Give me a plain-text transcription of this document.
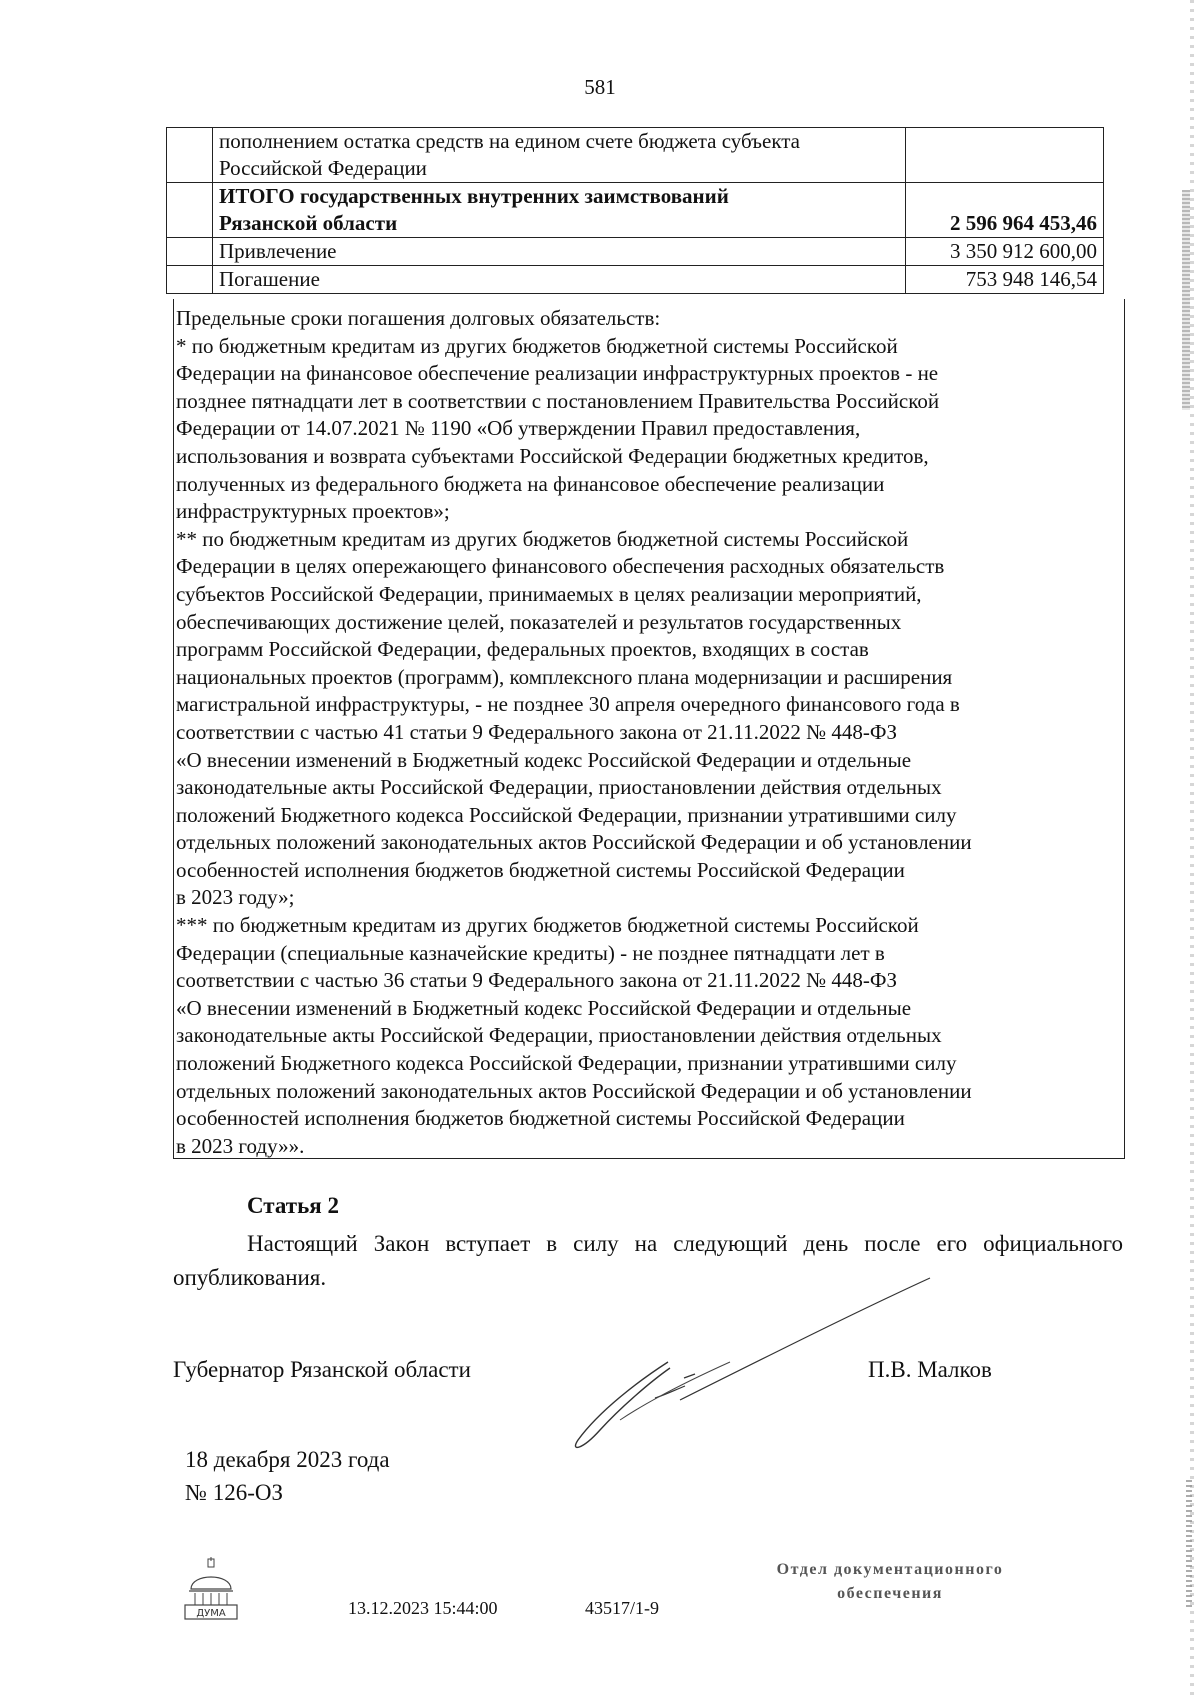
581
	пополнением остатка средств на едином счете бюджета субъекта
Российской Федерации	
	ИТОГО государственных внутренних заимствований
Рязанской области	2 596 964 453,46
	Привлечение	3 350 912 600,00
	Погашение	753 948 146,54

Предельные сроки погашения долговых обязательств:

* по бюджетным кредитам из других бюджетов бюджетной системы Российской
Федерации на финансовое обеспечение реализации инфраструктурных проектов - не
позднее пятнадцати лет в соответствии с постановлением Правительства Российской
Федерации от 14.07.2021 № 1190 «Об утверждении Правил предоставления,
использования и возврата субъектами Российской Федерации бюджетных кредитов,
полученных из федерального бюджета на финансовое обеспечение реализации
инфраструктурных проектов»;

** по бюджетным кредитам из других бюджетов бюджетной системы Российской
Федерации в целях опережающего финансового обеспечения расходных обязательств
субъектов Российской Федерации, принимаемых в целях реализации мероприятий,
обеспечивающих достижение целей, показателей и результатов государственных
программ Российской Федерации, федеральных проектов, входящих в состав
национальных проектов (программ), комплексного плана модернизации и расширения
магистральной инфраструктуры, - не позднее 30 апреля очередного финансового года в
соответствии с частью 41 статьи 9 Федерального закона от 21.11.2022 № 448-ФЗ
«О внесении изменений в Бюджетный кодекс Российской Федерации и отдельные
законодательные акты Российской Федерации, приостановлении действия отдельных
положений Бюджетного кодекса Российской Федерации, признании утратившими силу
отдельных положений законодательных актов Российской Федерации и об установлении
особенностей исполнения бюджетов бюджетной системы Российской Федерации
в 2023 году»;

*** по бюджетным кредитам из других бюджетов бюджетной системы Российской
Федерации (специальные казначейские кредиты) - не позднее пятнадцати лет в
соответствии с частью 36 статьи 9 Федерального закона от 21.11.2022 № 448-ФЗ
«О внесении изменений в Бюджетный кодекс Российской Федерации и отдельные
законодательные акты Российской Федерации, приостановлении действия отдельных
положений Бюджетного кодекса Российской Федерации, признании утратившими силу
отдельных положений законодательных актов Российской Федерации и об установлении
особенностей исполнения бюджетов бюджетной системы Российской Федерации
в 2023 году»».

Статья 2
Настоящий Закон вступает в силу на следующий день после его официального опубликования.
Губернатор Рязанской области	П.В. Малков
18 декабря 2023 года
№ 126-ОЗ
ДУМА	13.12.2023 15:44:00	43517/1-9
Отдел документационного
обеспечения
